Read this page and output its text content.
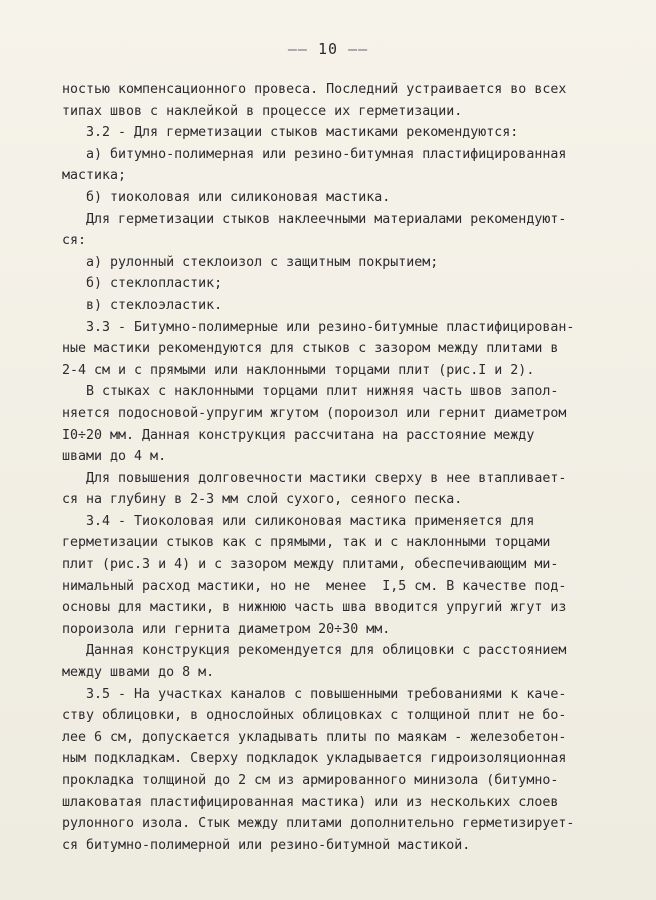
—— 10 ——
ностью компенсационного провеса. Последний устраивается во всех
типах швов с наклейкой в процессе их герметизации.
3.2 - Для герметизации стыков мастиками рекомендуются:
а) битумно-полимерная или резино-битумная пластифицированная
мастика;
б) тиоколовая или силиконовая мастика.
Для герметизации стыков наклеечными материалами рекомендуют-
ся:
а) рулонный стеклоизол с защитным покрытием;
б) стеклопластик;
в) стеклоэластик.
3.3 - Битумно-полимерные или резино-битумные пластифицирован-
ные мастики рекомендуются для стыков с зазором между плитами в
2-4 см и с прямыми или наклонными торцами плит (рис.I и 2).
В стыках с наклонными торцами плит нижняя часть швов запол-
няется подосновой-упругим жгутом (пороизол или гернит диаметром
I0÷20 мм. Данная конструкция рассчитана на расстояние между
швами до 4 м.
Для повышения долговечности мастики сверху в нее втапливает-
ся на глубину в 2-3 мм слой сухого, сеяного песка.
3.4 - Тиоколовая или силиконовая мастика применяется для
герметизации стыков как с прямыми, так и с наклонными торцами
плит (рис.3 и 4) и с зазором между плитами, обеспечивающим ми-
нимальный расход мастики, но не  менее  I,5 см. В качестве под-
основы для мастики, в нижнюю часть шва вводится упругий жгут из
пороизола или гернита диаметром 20÷30 мм.
Данная конструкция рекомендуется для облицовки с расстоянием
между швами до 8 м.
3.5 - На участках каналов с повышенными требованиями к каче-
ству облицовки, в однослойных облицовках с толщиной плит не бо-
лее 6 см, допускается укладывать плиты по маякам - железобетон-
ным подкладкам. Сверху подкладок укладывается гидроизоляционная
прокладка толщиной до 2 см из армированного минизола (битумно-
шлаковатая пластифицированная мастика) или из нескольких слоев
рулонного изола. Стык между плитами дополнительно герметизирует-
ся битумно-полимерной или резино-битумной мастикой.
